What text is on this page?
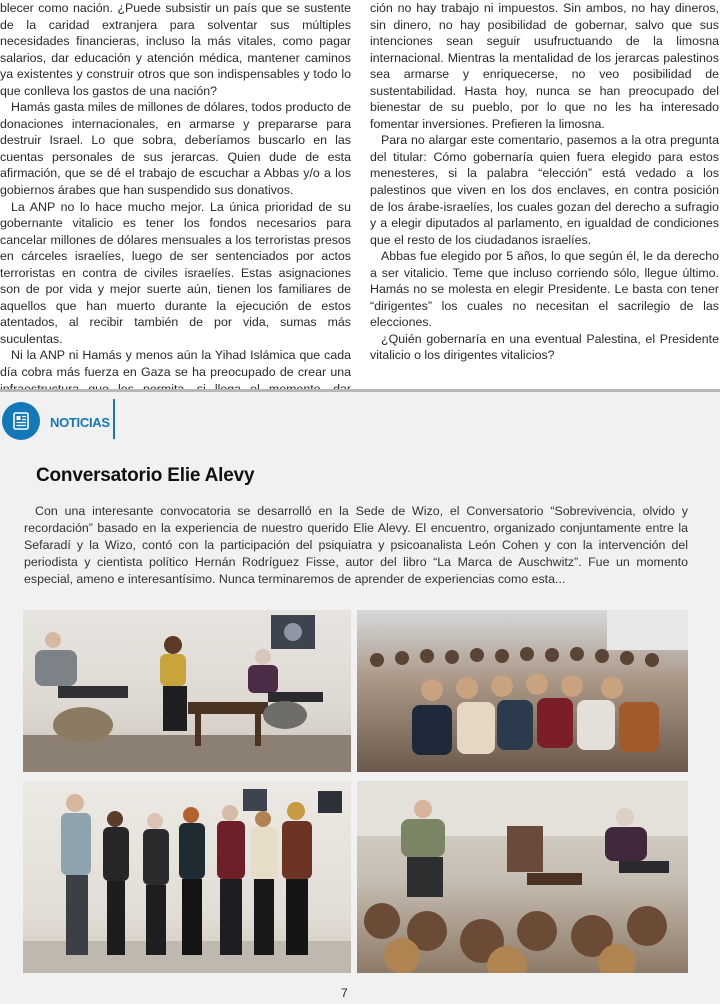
blecer como nación. ¿Puede subsistir un país que se sustente de la caridad extranjera para solventar sus múltiples necesidades financieras, incluso la más vitales, como pagar salarios, dar educación y atención médica, mantener caminos ya existentes y construir otros que son indispensables y todo lo que conlleva los gastos de una nación?

Hamás gasta miles de millones de dólares, todos producto de donaciones internacionales, en armarse y prepararse para destruir Israel. Lo que sobra, deberíamos buscarlo en las cuentas personales de sus jerarcas. Quien dude de esta afirmación, que se dé el trabajo de escuchar a Abbas y/o a los gobiernos árabes que han suspendido sus donativos.

La ANP no lo hace mucho mejor. La única prioridad de su gobernante vitalicio es tener los fondos necesarios para cancelar millones de dólares mensuales a los terroristas presos en cárceles israelíes, luego de ser sentenciados por actos terroristas en contra de civiles israelíes. Estas asignaciones son de por vida y mejor suerte aún, tienen los familiares de aquellos que han muerto durante la ejecución de estos atentados, al recibir también de por vida, sumas más suculentas.

Ni la ANP ni Hamás y menos aún la Yihad Islámica que cada día cobra más fuerza en Gaza se ha preocupado de crear una

ción no hay trabajo ni impuestos. Sin ambos, no hay dineros, sin dinero, no hay posibilidad de gobernar, salvo que sus intenciones sean seguir usufructuando de la limosna internacional. Mientras la mentalidad de los jerarcas palestinos sea armarse y enriquecerse, no veo posibilidad de sustentabilidad. Hasta hoy, nunca se han preocupado del bienestar de su pueblo, por lo que no les ha interesado fomentar inversiones. Prefieren la limosna.

Para no alargar este comentario, pasemos a la otra pregunta del titular: Cómo gobernaría quien fuera elegido para estos menesteres, si la palabra “elección” está vedado a los palestinos que viven en los dos enclaves, en contra posición de los árabe-israelíes, los cuales gozan del derecho a sufragio y a elegir diputados al parlamento, en igualdad de condiciones que el resto de los ciudadanos israelíes.

Abbas fue elegido por 5 años, lo que según él, le da derecho a ser vitalicio. Teme que incluso corriendo sólo, llegue último. Hamás no se molesta en elegir Presidente. Le basta con tener “dirigentes” los cuales no necesitan el sacrilegio de las elecciones.

¿Quién gobernaría en una eventual Palestina, el Presidente vitalicio o los dirigentes vitalicios?

NOTICIAS
Conversatorio Elie Alevy

Con una interesante convocatoria se desarrolló en la Sede de Wizo, el Conversatorio “Sobrevivencia, olvido y recordación” basado en la experiencia de nuestro querido Elie Alevy. El encuentro, organizado conjuntamente entre la Sefaradí y la Wizo, contó con la participación del psiquiatra y psicoanalista León Cohen y con la intervención del periodista y cientista político Hernán Rodríguez Fisse, autor del libro “La Marca de Auschwitz”. Fue un momento especial, ameno e interesantísimo. Nunca terminaremos de aprender de experiencias como esta...

7
